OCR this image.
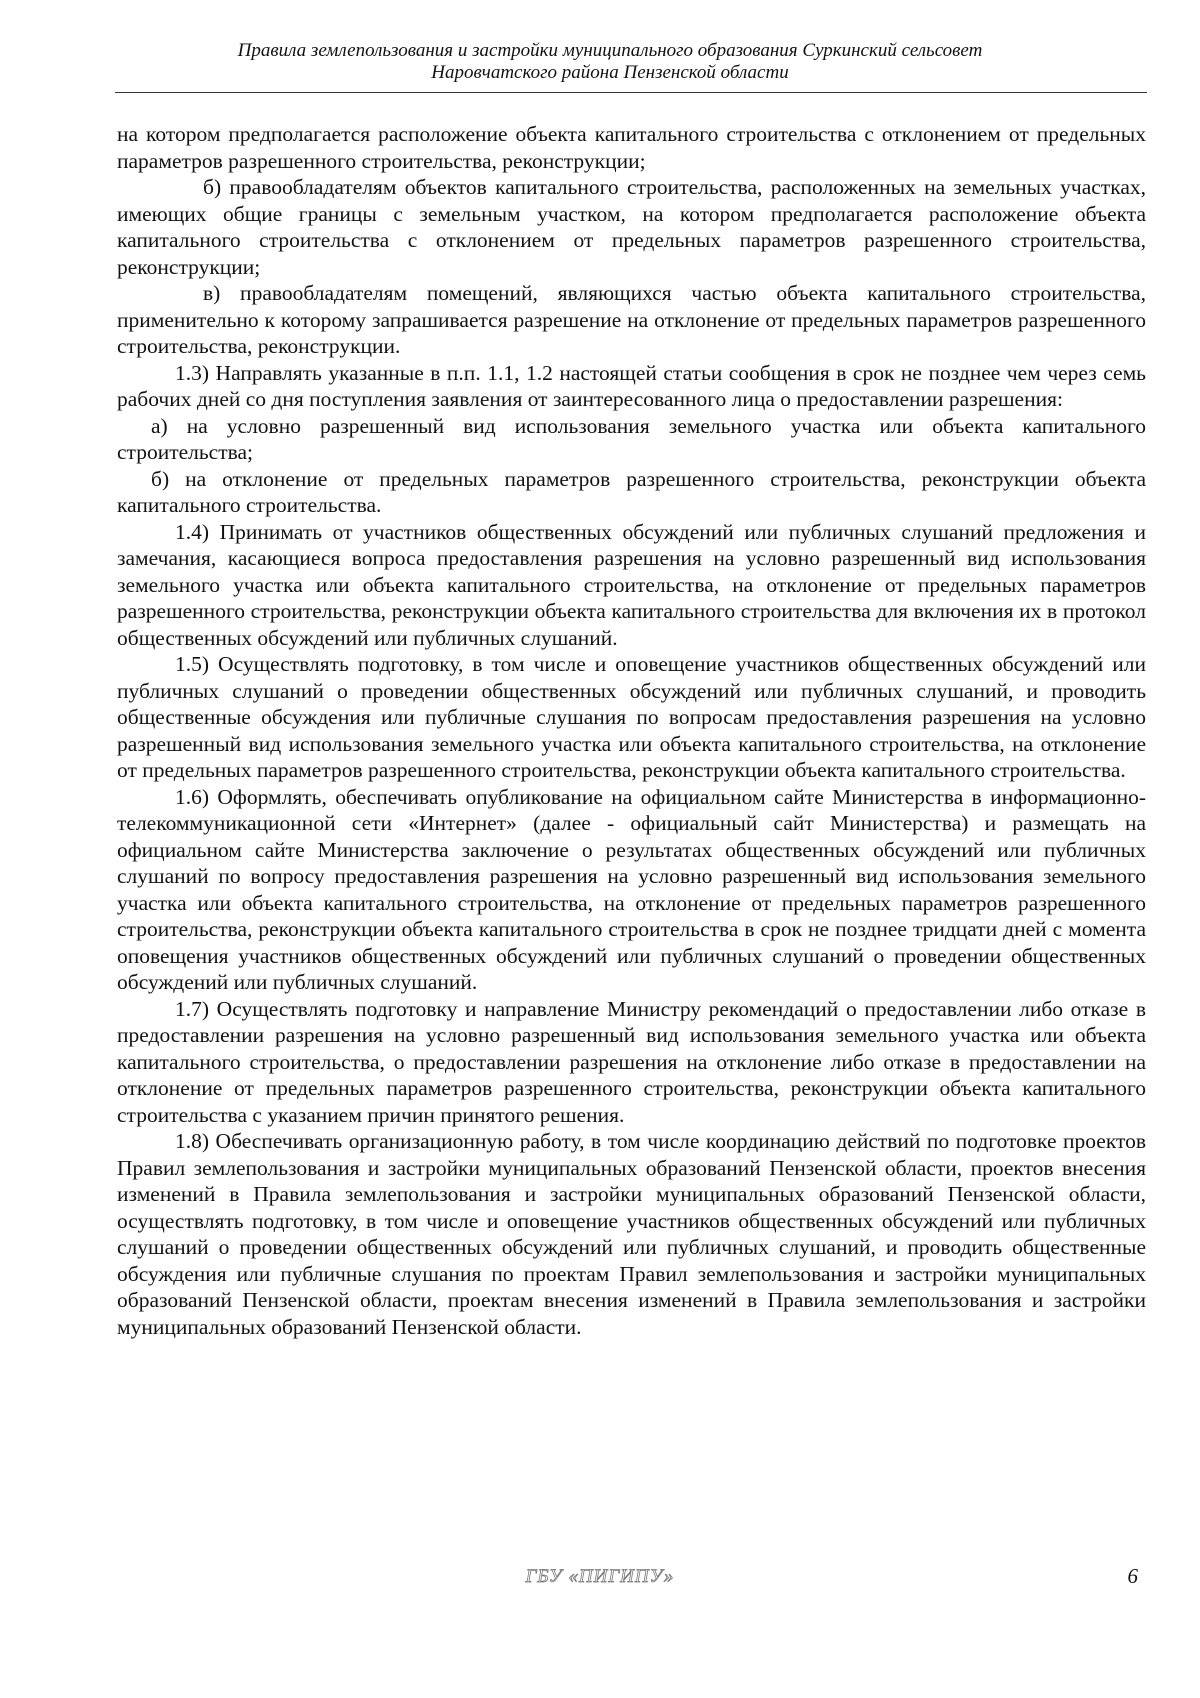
Правила землепользования и застройки муниципального образования Суркинский сельсовет
Наровчатского района Пензенской области

на котором предполагается расположение объекта капитального строительства с отклонением от предельных параметров разрешенного строительства, реконструкции;

б) правообладателям объектов капитального строительства, расположенных на земельных участках, имеющих общие границы с земельным участком, на котором предполагается расположение объекта капитального строительства с отклонением от предельных параметров разрешенного строительства, реконструкции;

в) правообладателям помещений, являющихся частью объекта капитального строительства, применительно к которому запрашивается разрешение на отклонение от предельных параметров разрешенного строительства, реконструкции.

1.3) Направлять указанные в п.п. 1.1, 1.2 настоящей статьи сообщения в срок не позднее чем через семь рабочих дней со дня поступления заявления от заинтересованного лица о предоставлении разрешения:

а) на условно разрешенный вид использования земельного участка или объекта капитального строительства;

б) на отклонение от предельных параметров разрешенного строительства, реконструкции объекта капитального строительства.

1.4) Принимать от участников общественных обсуждений или публичных слушаний предложения и замечания, касающиеся вопроса предоставления разрешения на условно разрешенный вид использования земельного участка или объекта капитального строительства, на отклонение от предельных параметров разрешенного строительства, реконструкции объекта капитального строительства для включения их в протокол общественных обсуждений или публичных слушаний.

1.5) Осуществлять подготовку, в том числе и оповещение участников общественных обсуждений или публичных слушаний о проведении общественных обсуждений или публичных слушаний, и проводить общественные обсуждения или публичные слушания по вопросам предоставления разрешения на условно разрешенный вид использования земельного участка или объекта капитального строительства, на отклонение от предельных параметров разрешенного строительства, реконструкции объекта капитального строительства.

1.6) Оформлять, обеспечивать опубликование на официальном сайте Министерства в информационно-телекоммуникационной сети «Интернет» (далее - официальный сайт Министерства) и размещать на официальном сайте Министерства заключение о результатах общественных обсуждений или публичных слушаний по вопросу предоставления разрешения на условно разрешенный вид использования земельного участка или объекта капитального строительства, на отклонение от предельных параметров разрешенного строительства, реконструкции объекта капитального строительства в срок не позднее тридцати дней с момента оповещения участников общественных обсуждений или публичных слушаний о проведении общественных обсуждений или публичных слушаний.

1.7) Осуществлять подготовку и направление Министру рекомендаций о предоставлении либо отказе в предоставлении разрешения на условно разрешенный вид использования земельного участка или объекта капитального строительства, о предоставлении разрешения на отклонение либо отказе в предоставлении на отклонение от предельных параметров разрешенного строительства, реконструкции объекта капитального строительства с указанием причин принятого решения.

1.8) Обеспечивать организационную работу, в том числе координацию действий по подготовке проектов Правил землепользования и застройки муниципальных образований Пензенской области, проектов внесения изменений в Правила землепользования и застройки муниципальных образований Пензенской области, осуществлять подготовку, в том числе и оповещение участников общественных обсуждений или публичных слушаний о проведении общественных обсуждений или публичных слушаний, и проводить общественные обсуждения или публичные слушания по проектам Правил землепользования и застройки муниципальных образований Пензенской области, проектам внесения изменений в Правила землепользования и застройки муниципальных образований Пензенской области.

ГБУ «ПИГИПУ»	6
